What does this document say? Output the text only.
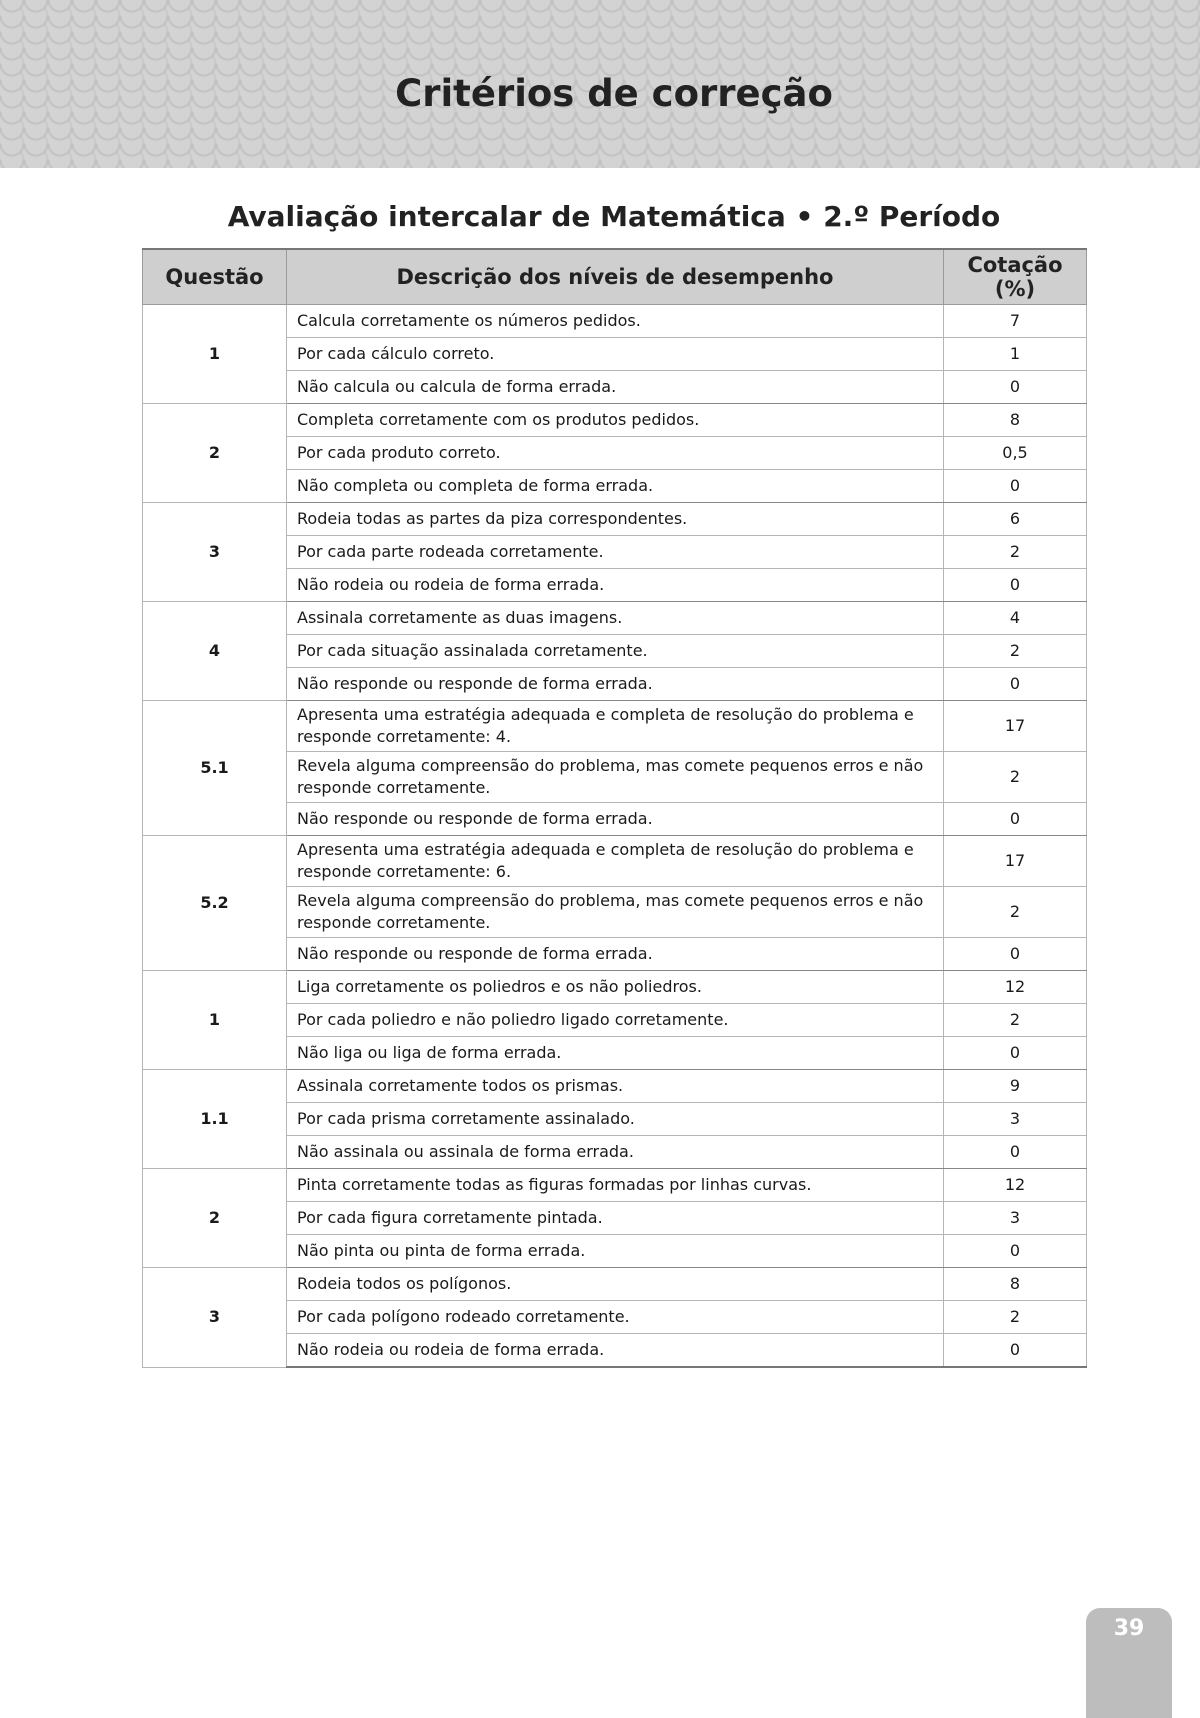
Critérios de correção
Avaliação intercalar de Matemática • 2.º Período
Questão	Descrição dos níveis de desempenho	Cotação (%)
1	Calcula corretamente os números pedidos.	7
	Por cada cálculo correto.	1
	Não calcula ou calcula de forma errada.	0
2	Completa corretamente com os produtos pedidos.	8
	Por cada produto correto.	0,5
	Não completa ou completa de forma errada.	0
3	Rodeia todas as partes da piza correspondentes.	6
	Por cada parte rodeada corretamente.	2
	Não rodeia ou rodeia de forma errada.	0
4	Assinala corretamente as duas imagens.	4
	Por cada situação assinalada corretamente.	2
	Não responde ou responde de forma errada.	0
5.1	Apresenta uma estratégia adequada e completa de resolução do problema e responde corretamente: 4.	17
	Revela alguma compreensão do problema, mas comete pequenos erros e não responde corretamente.	2
	Não responde ou responde de forma errada.	0
5.2	Apresenta uma estratégia adequada e completa de resolução do problema e responde corretamente: 6.	17
	Revela alguma compreensão do problema, mas comete pequenos erros e não responde corretamente.	2
	Não responde ou responde de forma errada.	0
1	Liga corretamente os poliedros e os não poliedros.	12
	Por cada poliedro e não poliedro ligado corretamente.	2
	Não liga ou liga de forma errada.	0
1.1	Assinala corretamente todos os prismas.	9
	Por cada prisma corretamente assinalado.	3
	Não assinala ou assinala de forma errada.	0
2	Pinta corretamente todas as figuras formadas por linhas curvas.	12
	Por cada figura corretamente pintada.	3
	Não pinta ou pinta de forma errada.	0
3	Rodeia todos os polígonos.	8
	Por cada polígono rodeado corretamente.	2
	Não rodeia ou rodeia de forma errada.	0
39
